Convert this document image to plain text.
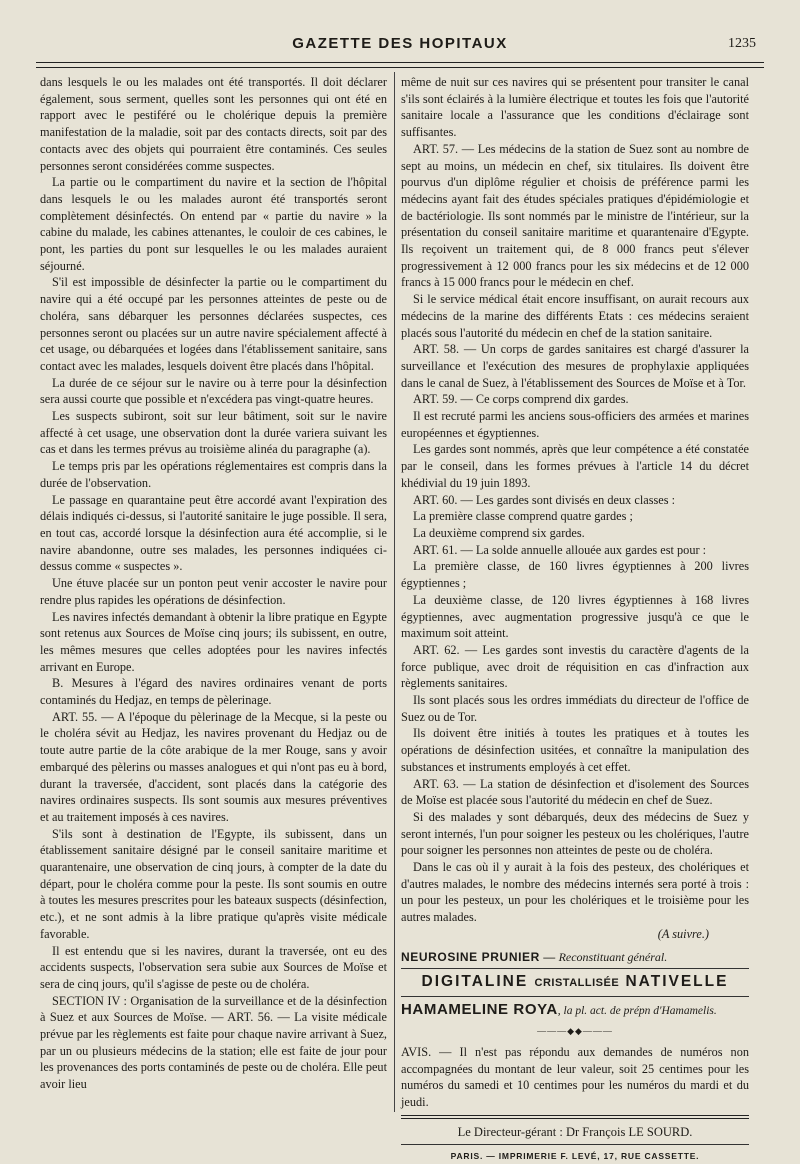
GAZETTE DES HOPITAUX	1235

dans lesquels le ou les malades ont été transportés. Il doit déclarer également, sous serment, quelles sont les personnes qui ont été en rapport avec le pestiféré ou le cholérique depuis la première manifestation de la maladie, soit par des contacts directs, soit par des contacts avec des objets qui pourraient être contaminés. Ces seules personnes seront considérées comme suspectes.

La partie ou le compartiment du navire et la section de l'hôpital dans lesquels le ou les malades auront été transportés seront complètement désinfectés. On entend par « partie du navire » la cabine du malade, les cabines attenantes, le couloir de ces cabines, le pont, les parties du pont sur lesquelles le ou les malades auraient séjourné.

S'il est impossible de désinfecter la partie ou le compartiment du navire qui a été occupé par les personnes atteintes de peste ou de choléra, sans débarquer les personnes déclarées suspectes, ces personnes seront ou placées sur un autre navire spécialement affecté à cet usage, ou débarquées et logées dans l'établissement sanitaire, sans contact avec les malades, lesquels doivent être placés dans l'hôpital.

La durée de ce séjour sur le navire ou à terre pour la désinfection sera aussi courte que possible et n'excédera pas vingt-quatre heures.

Les suspects subiront, soit sur leur bâtiment, soit sur le navire affecté à cet usage, une observation dont la durée variera suivant les cas et dans les termes prévus au troisième alinéa du paragraphe (a).

Le temps pris par les opérations réglementaires est compris dans la durée de l'observation.

Le passage en quarantaine peut être accordé avant l'expiration des délais indiqués ci-dessus, si l'autorité sanitaire le juge possible. Il sera, en tout cas, accordé lorsque la désinfection aura été accomplie, si le navire abandonne, outre ses malades, les personnes indiquées ci-dessus comme « suspectes ».

Une étuve placée sur un ponton peut venir accoster le navire pour rendre plus rapides les opérations de désinfection.

Les navires infectés demandant à obtenir la libre pratique en Egypte sont retenus aux Sources de Moïse cinq jours; ils subissent, en outre, les mêmes mesures que celles adoptées pour les navires infectés arrivant en Europe.

B. Mesures à l'égard des navires ordinaires venant de ports contaminés du Hedjaz, en temps de pèlerinage.

ART. 55. — A l'époque du pèlerinage de la Mecque, si la peste ou le choléra sévit au Hedjaz, les navires provenant du Hedjaz ou de toute autre partie de la côte arabique de la mer Rouge, sans y avoir embarqué des pèlerins ou masses analogues et qui n'ont pas eu à bord, durant la traversée, d'accident, sont placés dans la catégorie des navires ordinaires suspects. Ils sont soumis aux mesures préventives et au traitement imposés à ces navires.

S'ils sont à destination de l'Egypte, ils subissent, dans un établissement sanitaire désigné par le conseil sanitaire maritime et quarantenaire, une observation de cinq jours, à compter de la date du départ, pour le choléra comme pour la peste. Ils sont soumis en outre à toutes les mesures prescrites pour les bateaux suspects (désinfection, etc.), et ne sont admis à la libre pratique qu'après visite médicale favorable.

Il est entendu que si les navires, durant la traversée, ont eu des accidents suspects, l'observation sera subie aux Sources de Moïse et sera de cinq jours, qu'il s'agisse de peste ou de choléra.

SECTION IV : Organisation de la surveillance et de la désinfection à Suez et aux Sources de Moïse. — ART. 56. — La visite médicale prévue par les règlements est faite pour chaque navire arrivant à Suez, par un ou plusieurs médecins de la station; elle est faite de jour pour les provenances des ports contaminés de peste ou de choléra. Elle peut avoir lieu

même de nuit sur ces navires qui se présentent pour transiter le canal s'ils sont éclairés à la lumière électrique et toutes les fois que l'autorité sanitaire locale a l'assurance que les conditions d'éclairage sont suffisantes.

ART. 57. — Les médecins de la station de Suez sont au nombre de sept au moins, un médecin en chef, six titulaires. Ils doivent être pourvus d'un diplôme régulier et choisis de préférence parmi les médecins ayant fait des études spéciales pratiques d'épidémiologie et de bactériologie. Ils sont nommés par le ministre de l'intérieur, sur la présentation du conseil sanitaire maritime et quarantenaire d'Egypte. Ils reçoivent un traitement qui, de 8 000 francs peut s'élever progressivement à 12 000 francs pour les six médecins et de 12 000 francs à 15 000 francs pour le médecin en chef.

Si le service médical était encore insuffisant, on aurait recours aux médecins de la marine des différents Etats : ces médecins seraient placés sous l'autorité du médecin en chef de la station sanitaire.

ART. 58. — Un corps de gardes sanitaires est chargé d'assurer la surveillance et l'exécution des mesures de prophylaxie appliquées dans le canal de Suez, à l'établissement des Sources de Moïse et à Tor.

ART. 59. — Ce corps comprend dix gardes.

Il est recruté parmi les anciens sous-officiers des armées et marines européennes et égyptiennes.

Les gardes sont nommés, après que leur compétence a été constatée par le conseil, dans les formes prévues à l'article 14 du décret khédivial du 19 juin 1893.

ART. 60. — Les gardes sont divisés en deux classes :

La première classe comprend quatre gardes ;

La deuxième comprend six gardes.

ART. 61. — La solde annuelle allouée aux gardes est pour :

La première classe, de 160 livres égyptiennes à 200 livres égyptiennes ;

La deuxième classe, de 120 livres égyptiennes à 168 livres égyptiennes, avec augmentation progressive jusqu'à ce que le maximum soit atteint.

ART. 62. — Les gardes sont investis du caractère d'agents de la force publique, avec droit de réquisition en cas d'infraction aux règlements sanitaires.

Ils sont placés sous les ordres immédiats du directeur de l'office de Suez ou de Tor.

Ils doivent être initiés à toutes les pratiques et à toutes les opérations de désinfection usitées, et connaître la manipulation des substances et instruments employés à cet effet.

ART. 63. — La station de désinfection et d'isolement des Sources de Moïse est placée sous l'autorité du médecin en chef de Suez.

Si des malades y sont débarqués, deux des médecins de Suez y seront internés, l'un pour soigner les pesteux ou les cholériques, l'autre pour soigner les personnes non atteintes de peste ou de choléra.

Dans le cas où il y aurait à la fois des pesteux, des cholériques et d'autres malades, le nombre des médecins internés sera porté à trois : un pour les pesteux, un pour les cholériques et le troisième pour les autres malades.

(A suivre.)
NEUROSINE PRUNIER — Reconstituant général.
DIGITALINE CRISTALLISÉE NATIVELLE
HAMAMELINE ROYA, la pl. act. de prépn d'Hamamelis.
———◆◆———

AVIS. — Il n'est pas répondu aux demandes de numéros non accompagnées du montant de leur valeur, soit 25 centimes pour les numéros du samedi et 10 centimes pour les numéros du mardi et du jeudi.

Le Directeur-gérant : Dr François LE SOURD.
PARIS. — IMPRIMERIE F. LEVÉ, 17, RUE CASSETTE.
